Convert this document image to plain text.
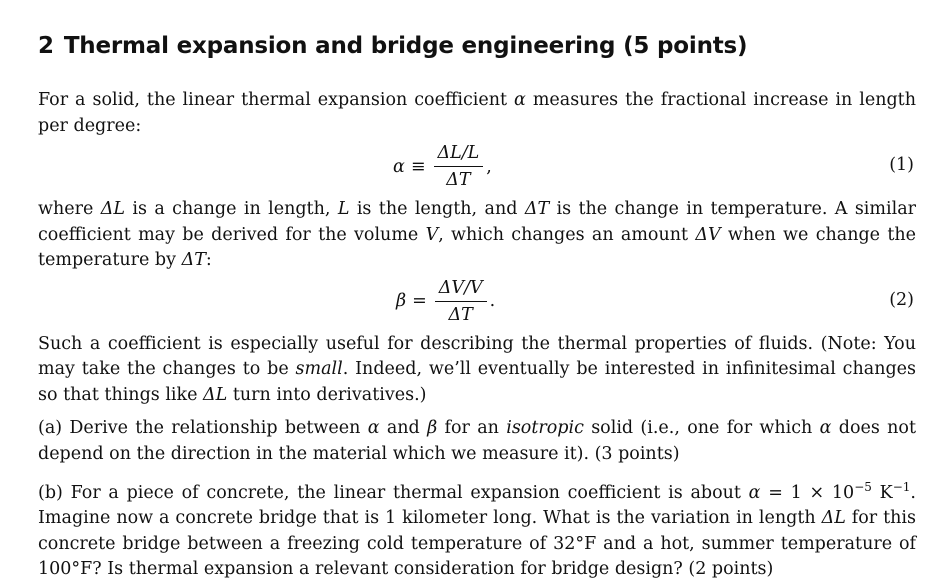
2 Thermal expansion and bridge engineering (5 points)

For a solid, the linear thermal expansion coefficient α measures the fractional increase in length per degree:

$\alpha \equiv \frac{\Delta L/L}{\Delta T}$ ,	(1)

where ΔL is a change in length, L is the length, and ΔT is the change in temperature. A similar coefficient may be derived for the volume V, which changes an amount ΔV when we change the temperature by ΔT:

$\beta = \frac{\Delta V/V}{\Delta T}$ .	(2)

Such a coefficient is especially useful for describing the thermal properties of fluids. (Note: You may take the changes to be small. Indeed, we’ll eventually be interested in infinitesimal changes so that things like ΔL turn into derivatives.)

(a) Derive the relationship between α and β for an isotropic solid (i.e., one for which α does not depend on the direction in the material which we measure it). (3 points)

(b) For a piece of concrete, the linear thermal expansion coefficient is about $\alpha = 1 \times 10^{-5}$ $K^{-1}$. Imagine now a concrete bridge that is 1 kilometer long. What is the variation in length ΔL for this concrete bridge between a freezing cold temperature of 32°F and a hot, summer temperature of 100°F? Is thermal expansion a relevant consideration for bridge design? (2 points)
